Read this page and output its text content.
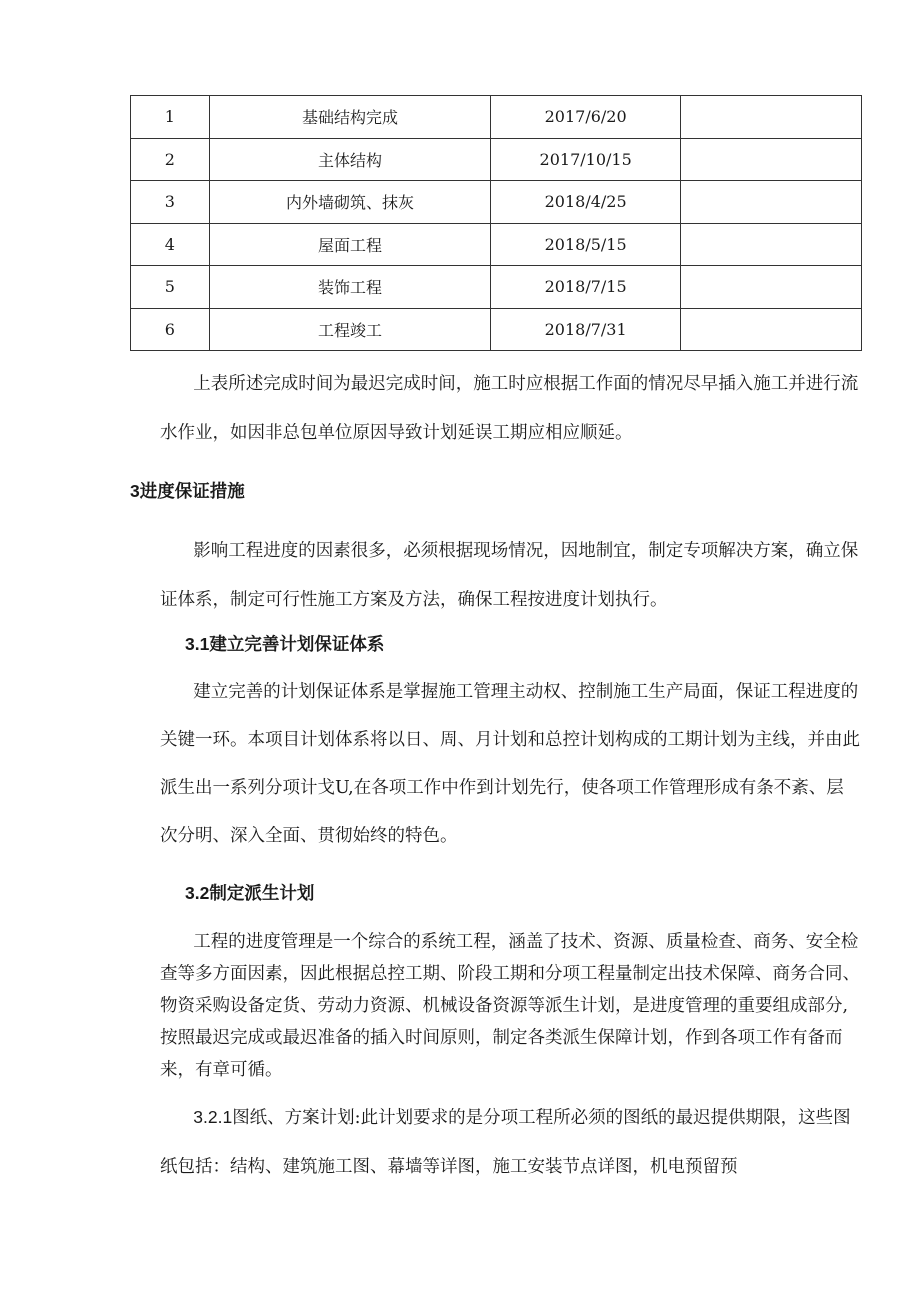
1	基础结构完成	2017/6/20	
2	主体结构	2017/10/15	
3	内外墙砌筑、抹灰	2018/4/25	
4	屋面工程	2018/5/15	
5	装饰工程	2018/7/15	
6	工程竣工	2018/7/31	

上表所述完成时间为最迟完成时间，施工时应根据工作面的情况尽早插入施工并进行流水作业，如因非总包单位原因导致计划延误工期应相应顺延。

3进度保证措施

影响工程进度的因素很多，必须根据现场情况，因地制宜，制定专项解决方案，确立保证体系，制定可行性施工方案及方法，确保工程按进度计划执行。

3.1建立完善计划保证体系

建立完善的计划保证体系是掌握施工管理主动权、控制施工生产局面，保证工程进度的关键一环。本项目计划体系将以日、周、月计划和总控计划构成的工期计划为主线，并由此派生出一系列分项计戈U,在各项工作中作到计划先行，使各项工作管理形成有条不紊、层次分明、深入全面、贯彻始终的特色。

3.2制定派生计划

工程的进度管理是一个综合的系统工程，涵盖了技术、资源、质量检查、商务、安全检查等多方面因素，因此根据总控工期、阶段工期和分项工程量制定出技术保障、商务合同、物资采购设备定货、劳动力资源、机械设备资源等派生计划，是进度管理的重要组成部分,按照最迟完成或最迟准备的插入时间原则，制定各类派生保障计划，作到各项工作有备而来，有章可循。

3.2.1图纸、方案计划:此计划要求的是分项工程所必须的图纸的最迟提供期限，这些图纸包括：结构、建筑施工图、幕墙等详图，施工安装节点详图，机电预留预
